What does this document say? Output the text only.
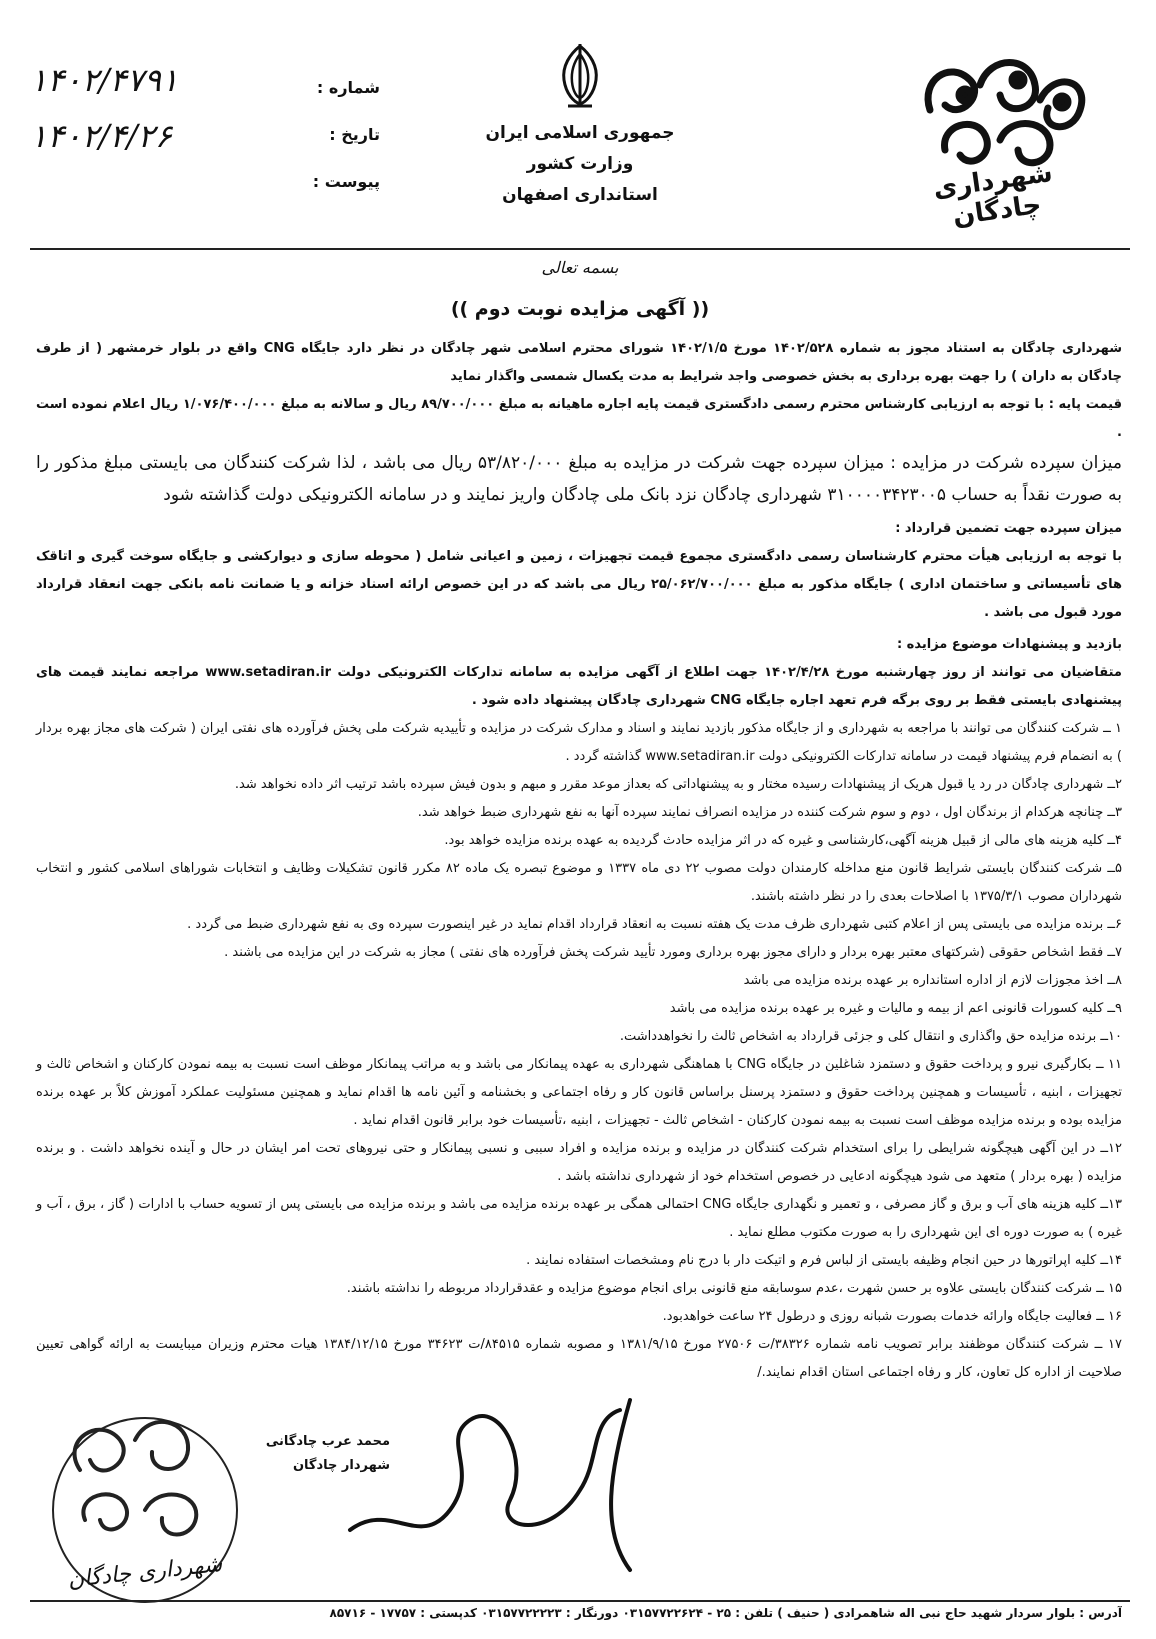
جمهوری اسلامی ایران
وزارت کشور
استانداری اصفهان	شهرداری چادگان
شماره :
تاریخ :
پیوست :
۱۴۰۲/۴۷۹۱
۱۴۰۲/۴/۲۶
بسمه تعالی
(( آگهی مزایده نوبت دوم ))

شهرداری چادگان به استناد مجوز به شماره ۱۴۰۲/۵۲۸ مورخ ۱۴۰۲/۱/۵ شورای محترم اسلامی شهر چادگان در نظر دارد جایگاه CNG واقع در بلوار خرمشهر ( از طرف چادگان به داران ) را جهت بهره برداری به بخش خصوصی واجد شرایط به مدت یکسال شمسی واگذار نماید

قیمت پایه : با توجه به ارزیابی کارشناس محترم رسمی دادگستری قیمت پایه اجاره ماهیانه به مبلغ ۸۹/۷۰۰/۰۰۰ ریال و سالانه به مبلغ ۱/۰۷۶/۴۰۰/۰۰۰ ریال اعلام نموده است .

میزان سپرده شرکت در مزایده : میزان سپرده جهت شرکت در مزایده به مبلغ ۵۳/۸۲۰/۰۰۰ ریال می باشد ، لذا شرکت کنندگان می بایستی مبلغ مذکور را به صورت نقداً به حساب ۳۱۰۰۰۰۳۴۲۳۰۰۵ شهرداری چادگان نزد بانک ملی چادگان واریز نمایند و در سامانه الکترونیکی دولت گذاشته شود

میزان سپرده جهت تضمین قرارداد :

با توجه به ارزیابی هیأت محترم کارشناسان رسمی دادگستری مجموع قیمت تجهیزات ، زمین و اعیانی شامل ( محوطه سازی و دیوارکشی و جایگاه سوخت گیری و اتاقک های تأسیساتی و ساختمان اداری ) جایگاه مذکور به مبلغ ۲۵/۰۶۲/۷۰۰/۰۰۰ ریال می باشد که در این خصوص ارائه اسناد خزانه و یا ضمانت نامه بانکی جهت انعقاد قرارداد مورد قبول می باشد .

بازدید و پیشنهادات موضوع مزایده :

متقاضیان می توانند از روز چهارشنبه مورخ ۱۴۰۲/۴/۲۸ جهت اطلاع از آگهی مزایده به سامانه تدارکات الکترونیکی دولت www.setadiran.ir مراجعه نمایند قیمت های پیشنهادی بایستی فقط بر روی برگه فرم تعهد اجاره جایگاه CNG شهرداری چادگان پیشنهاد داده شود .

۱ ــ شرکت کنندگان می توانند با مراجعه به شهرداری و از جایگاه مذکور بازدید نمایند و اسناد و مدارک شرکت در مزایده و تأییدیه شرکت ملی پخش فرآورده های نفتی ایران ( شرکت های مجاز بهره بردار ) به انضمام فرم پیشنهاد قیمت در سامانه تدارکات الکترونیکی دولت www.setadiran.ir گذاشته گردد .
۲ــ شهرداری چادگان در رد یا قبول هریک از پیشنهادات رسیده مختار و به پیشنهاداتی که بعداز موعد مقرر و مبهم و بدون فیش سپرده باشد ترتیب اثر داده نخواهد شد.
۳ــ چنانچه هرکدام از برندگان اول ، دوم و سوم شرکت کننده در مزایده انصراف نمایند سپرده آنها به نفع شهرداری ضبط خواهد شد.
۴ــ کلیه هزینه های مالی از قبیل هزینه آگهی،کارشناسی و غیره که در اثر مزایده حادث گردیده به عهده برنده مزایده خواهد بود.
۵ــ شرکت کنندگان بایستی شرایط قانون منع مداخله کارمندان دولت مصوب ۲۲ دی ماه ۱۳۳۷ و موضوع تبصره یک ماده ۸۲ مکرر قانون تشکیلات وظایف و انتخابات شوراهای اسلامی کشور و انتخاب شهرداران مصوب ۱۳۷۵/۳/۱ با اصلاحات بعدی را در نظر داشته باشند.
۶ــ برنده مزایده می بایستی پس از اعلام کتبی شهرداری ظرف مدت یک هفته نسبت به انعقاد قرارداد اقدام نماید در غیر اینصورت سپرده وی به نفع شهرداری ضبط می گردد .
۷ــ فقط اشخاص حقوقی (شرکتهای معتبر بهره بردار و دارای مجوز بهره برداری ومورد تأیید شرکت پخش فرآورده های نفتی ) مجاز به شرکت در این مزایده می باشند .
۸ــ اخذ مجوزات لازم از اداره استانداره بر عهده برنده مزایده می باشد
۹ــ کلیه کسورات قانونی اعم از بیمه و مالیات و غیره بر عهده برنده مزایده می باشد
۱۰ــ برنده مزایده حق واگذاری و انتقال کلی و جزئی قرارداد به اشخاص ثالث را نخواهدداشت.
۱۱ ــ بکارگیری نیرو و پرداخت حقوق و دستمزد شاغلین در جایگاه CNG با هماهنگی شهرداری به عهده پیمانکار می باشد و به مراتب پیمانکار موظف است نسبت به بیمه نمودن کارکنان و اشخاص ثالث و تجهیزات ، ابنیه ، تأسیسات و همچنین پرداخت حقوق و دستمزد پرسنل براساس قانون کار و رفاه اجتماعی و بخشنامه و آئین نامه ها اقدام نماید و همچنین مسئولیت عملکرد آموزش کلاً بر عهده برنده مزایده بوده و برنده مزایده موظف است نسبت به بیمه نمودن کارکنان - اشخاص ثالث - تجهیزات ، ابنیه ،تأسیسات خود برابر قانون اقدام نماید .
۱۲ــ در این آگهی هیچگونه شرایطی را برای استخدام شرکت کنندگان در مزایده و برنده مزایده و افراد سببی و نسبی پیمانکار و حتی نیروهای تحت امر ایشان در حال و آینده نخواهد داشت . و برنده مزایده ( بهره بردار ) متعهد می شود هیچگونه ادعایی در خصوص استخدام خود از شهرداری نداشته باشد .
۱۳ــ کلیه هزینه های آب و برق و گاز مصرفی ، و تعمیر و نگهداری جایگاه CNG احتمالی همگی بر عهده برنده مزایده می باشد و برنده مزایده می بایستی پس از تسویه حساب با ادارات ( گاز ، برق ، آب و غیره ) به صورت دوره ای این شهرداری را به صورت مکتوب مطلع نماید .
۱۴ــ کلیه اپراتورها در حین انجام وظیفه بایستی از لباس فرم و اتیکت دار با درج نام ومشخصات استفاده نمایند .
۱۵ ــ شرکت کنندگان بایستی علاوه بر حسن شهرت ،عدم سوسابقه منع قانونی برای انجام موضوع مزایده و عقدقرارداد مربوطه را نداشته باشند.
۱۶ ــ فعالیت جایگاه وارائه خدمات بصورت شبانه روزی و درطول ۲۴ ساعت خواهدبود.
۱۷ ــ شرکت کنندگان موظفند برابر تصویب نامه شماره ۳۸۳۲۶/ت ۲۷۵۰۶ مورخ ۱۳۸۱/۹/۱۵ و مصوبه شماره ۸۴۵۱۵/ت ۳۴۶۲۳ مورخ ۱۳۸۴/۱۲/۱۵ هیات محترم وزیران میبایست به ارائه گواهی تعیین صلاحیت از اداره کل تعاون، کار و رفاه اجتماعی استان اقدام نمایند./
محمد عرب چادگانی
شهردار چادگان
شهرداری چادگان
آدرس : بلوار سردار شهید حاج نبی اله شاهمرادی ( حنیف ) تلفن : ۲۵ - ۰۳۱۵۷۷۲۲۶۲۴ دورنگار : ۰۳۱۵۷۷۲۲۲۲۳ کدپستی : ۱۷۷۵۷ - ۸۵۷۱۶
